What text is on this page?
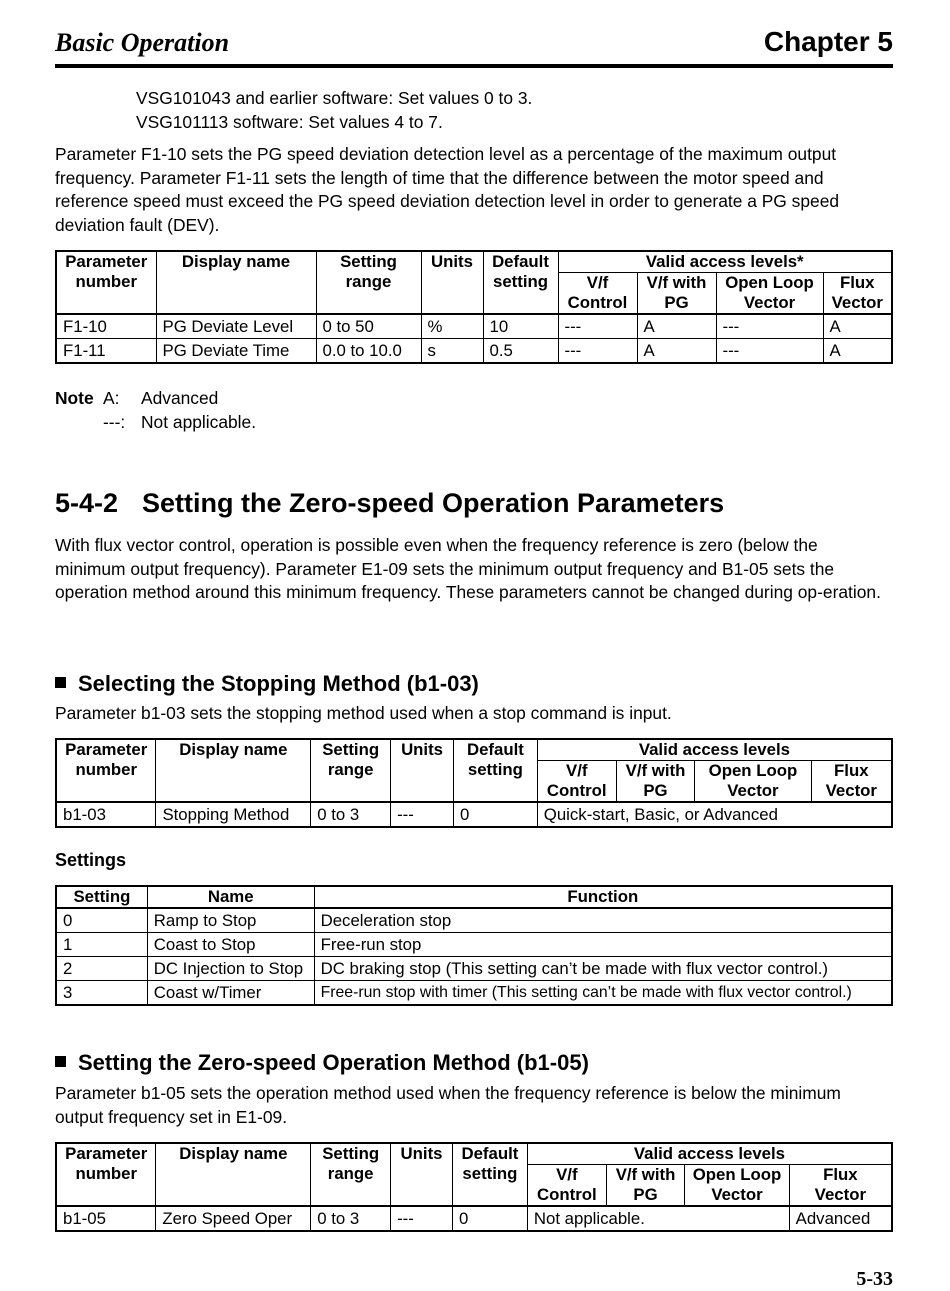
Basic Operation	Chapter 5
VSG101043 and earlier software: Set values 0 to 3.
VSG101113 software: Set values 4 to 7.
Parameter F1-10 sets the PG speed deviation detection level as a percentage of the maximum output frequency. Parameter F1-11 sets the length of time that the difference between the motor speed and reference speed must exceed the PG speed deviation detection level in order to generate a PG speed deviation fault (DEV).
Parameter number	Display name	Setting range	Units	Default setting	Valid access levels*			
					V/f Control	V/f with PG	Open Loop Vector	Flux Vector
F1-10	PG Deviate Level	0 to 50	%	10	---	A	---	A
F1-11	PG Deviate Time	0.0 to 10.0	s	0.5	---	A	---	A
Note A: Advanced
---: Not applicable.
5-4-2 Setting the Zero-speed Operation Parameters
With flux vector control, operation is possible even when the frequency reference is zero (below the minimum output frequency). Parameter E1-09 sets the minimum output frequency and B1-05 sets the operation method around this minimum frequency. These parameters cannot be changed during op-eration.
Selecting the Stopping Method (b1-03)
Parameter b1-03 sets the stopping method used when a stop command is input.
Parameter number	Display name	Setting range	Units	Default setting	Valid access levels			
					V/f Control	V/f with PG	Open Loop Vector	Flux Vector
b1-03	Stopping Method	0 to 3	---	0	Quick-start, Basic, or Advanced			
Settings
Setting	Name	Function
0	Ramp to Stop	Deceleration stop
1	Coast to Stop	Free-run stop
2	DC Injection to Stop	DC braking stop (This setting can’t be made with flux vector control.)
3	Coast w/Timer	Free-run stop with timer (This setting can’t be made with flux vector control.)
Setting the Zero-speed Operation Method (b1-05)
Parameter b1-05 sets the operation method used when the frequency reference is below the minimum output frequency set in E1-09.
Parameter number	Display name	Setting range	Units	Default setting	Valid access levels			
					V/f Control	V/f with PG	Open Loop Vector	Flux Vector
b1-05	Zero Speed Oper	0 to 3	---	0	Not applicable.			Advanced
5-33
